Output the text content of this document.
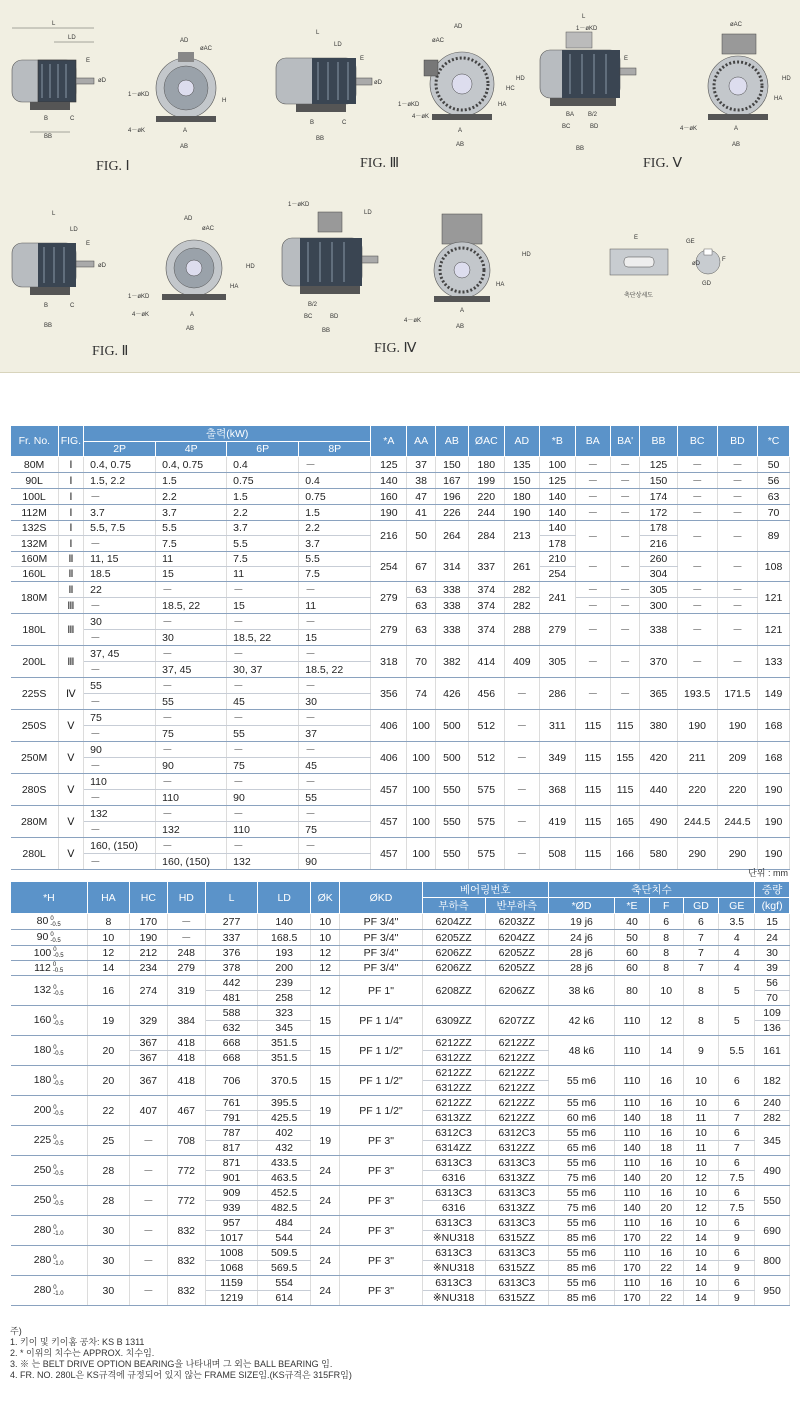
L
LD
E
øD
B	C
BB
FIG. Ⅰ
AD
øAC
1－øKD
4－øK	A
AB
H
L
LD
E
øD
B	C
BB
FIG. Ⅲ
AD
øAC
1－øKD
4－øK
HA
HC
HD
A
AB
L
1－øKD
E
BA B/2
BC	BD
BB
FIG. Ⅴ
øAC
4－øK	A
AB
HA
HD
L
LD
E
øD
B	C
BB
FIG. Ⅱ
AD
øAC
1－øKD
4－øK	A
AB
HA
HD
1－øKD
LD
B/2
BC	BD
BB
FIG. Ⅳ
4－øK
A
AB
HA
HD
E
GE
øD
F
GD
축단상세도
Fr. No.	FIG.	출력(kW)				*A	AA	AB	ØAC	AD	*B	BA	BA'	BB	BC	BD	*C
		2P	4P	6P	8P												
80M	Ⅰ	0.4, 0.75	0.4, 0.75	0.4	－	125	37	150	180	135	100	－	－	125	－	－	50
90L	Ⅰ	1.5, 2.2	1.5	0.75	0.4	140	38	167	199	150	125	－	－	150	－	－	56
100L	Ⅰ	－	2.2	1.5	0.75	160	47	196	220	180	140	－	－	174	－	－	63
112M	Ⅰ	3.7	3.7	2.2	1.5	190	41	226	244	190	140	－	－	172	－	－	70
132S	Ⅰ	5.5, 7.5	5.5	3.7	2.2	216	50	264	284	213	140	－	－	178	－	－	89
132M	Ⅰ	－	7.5	5.5	3.7						178			216			
160M	Ⅱ	11, 15	11	7.5	5.5	254	67	314	337	261	210	－	－	260	－	－	108
160L	Ⅱ	18.5	15	11	7.5						254			304			
180M	Ⅱ	22	－	－	－	279	63	338	374	282	241	－	－	305	－	－	121
	Ⅲ	－	18.5, 22	15	11		63	338	374	282		－	－	300	－	－	
180L	Ⅲ	30	－	－	－	279	63	338	374	288	279	－	－	338	－	－	121
		－	30	18.5, 22	15												
200L	Ⅲ	37, 45	－	－	－	318	70	382	414	409	305	－	－	370	－	－	133
		－	37, 45	30, 37	18.5, 22												
225S	Ⅳ	55	－	－	－	356	74	426	456	－	286	－	－	365	193.5	171.5	149
		－	55	45	30												
250S	Ⅴ	75	－	－	－	406	100	500	512	－	311	115	115	380	190	190	168
		－	75	55	37												
250M	Ⅴ	90	－	－	－	406	100	500	512	－	349	115	155	420	211	209	168
		－	90	75	45												
280S	Ⅴ	110	－	－	－	457	100	550	575	－	368	115	115	440	220	220	190
		－	110	90	55												
280M	Ⅴ	132	－	－	－	457	100	550	575	－	419	115	165	490	244.5	244.5	190
		－	132	110	75												
280L	Ⅴ	160, (150)	－	－	－	457	100	550	575	－	508	115	166	580	290	290	190
		－	160, (150)	132	90												
단위 : mm
*H	HA	HC	HD	L	LD	ØK	ØKD	베어링번호		축단치수					중량
								부하측	반부하측	*ØD	*E	F	GD	GE	(kgf)
80 0
-0.5	8	170	－	277	140	10	PF 3/4"	6204ZZ	6203ZZ	19 j6	40	6	6	3.5	15
90 0
-0.5	10	190	－	337	168.5	10	PF 3/4"	6205ZZ	6204ZZ	24 j6	50	8	7	4	24
100 0
-0.5	12	212	248	376	193	12	PF 3/4"	6206ZZ	6205ZZ	28 j6	60	8	7	4	30
112 0
-0.5	14	234	279	378	200	12	PF 3/4"	6206ZZ	6205ZZ	28 j6	60	8	7	4	39
132 0
-0.5	16	274	319	442	239	12	PF 1"	6208ZZ	6206ZZ	38 k6	80	10	8	5	56
				481	258										70
160 0
-0.5	19	329	384	588	323	15	PF 1 1/4"	6309ZZ	6207ZZ	42 k6	110	12	8	5	109
				632	345										136
180 0
-0.5	20	367	418	668	351.5	15	PF 1 1/2"	6212ZZ	6212ZZ	48 k6	110	14	9	5.5	161
		367	418	668	351.5			6312ZZ	6212ZZ						
180 0
-0.5	20	367	418	706	370.5	15	PF 1 1/2"	6212ZZ	6212ZZ	55 m6	110	16	10	6	182
								6312ZZ	6212ZZ						
200 0
-0.5	22	407	467	761	395.5	19	PF 1 1/2"	6212ZZ	6212ZZ	55 m6	110	16	10	6	240
				791	425.5			6313ZZ	6212ZZ	60 m6	140	18	11	7	282
225 0
-0.5	25	－	708	787	402	19	PF 3"	6312C3	6312C3	55 m6	110	16	10	6	345
				817	432			6314ZZ	6312ZZ	65 m6	140	18	11	7	
250 0
-0.5	28	－	772	871	433.5	24	PF 3"	6313C3	6313C3	55 m6	110	16	10	6	490
				901	463.5			6316	6313ZZ	75 m6	140	20	12	7.5	
250 0
-0.5	28	－	772	909	452.5	24	PF 3"	6313C3	6313C3	55 m6	110	16	10	6	550
				939	482.5			6316	6313ZZ	75 m6	140	20	12	7.5	
280 0
-1.0	30	－	832	957	484	24	PF 3"	6313C3	6313C3	55 m6	110	16	10	6	690
				1017	544			※NU318	6315ZZ	85 m6	170	22	14	9	
280 0
-1.0	30	－	832	1008	509.5	24	PF 3"	6313C3	6313C3	55 m6	110	16	10	6	800
				1068	569.5			※NU318	6315ZZ	85 m6	170	22	14	9	
280 0
-1.0	30	－	832	1159	554	24	PF 3"	6313C3	6313C3	55 m6	110	16	10	6	950
				1219	614			※NU318	6315ZZ	85 m6	170	22	14	9	
주)
1. 키이 및 키이홈 공차: KS B 1311
2. * 이위의 치수는 APPROX. 치수임.
3. ※ 는 BELT DRIVE OPTION BEARING을 나타내며 그 외는 BALL BEARING 임.
4. FR. NO. 280L은 KS규격에 규정되어 있지 않는 FRAME SIZE임.(KS규격은 315FR임)
